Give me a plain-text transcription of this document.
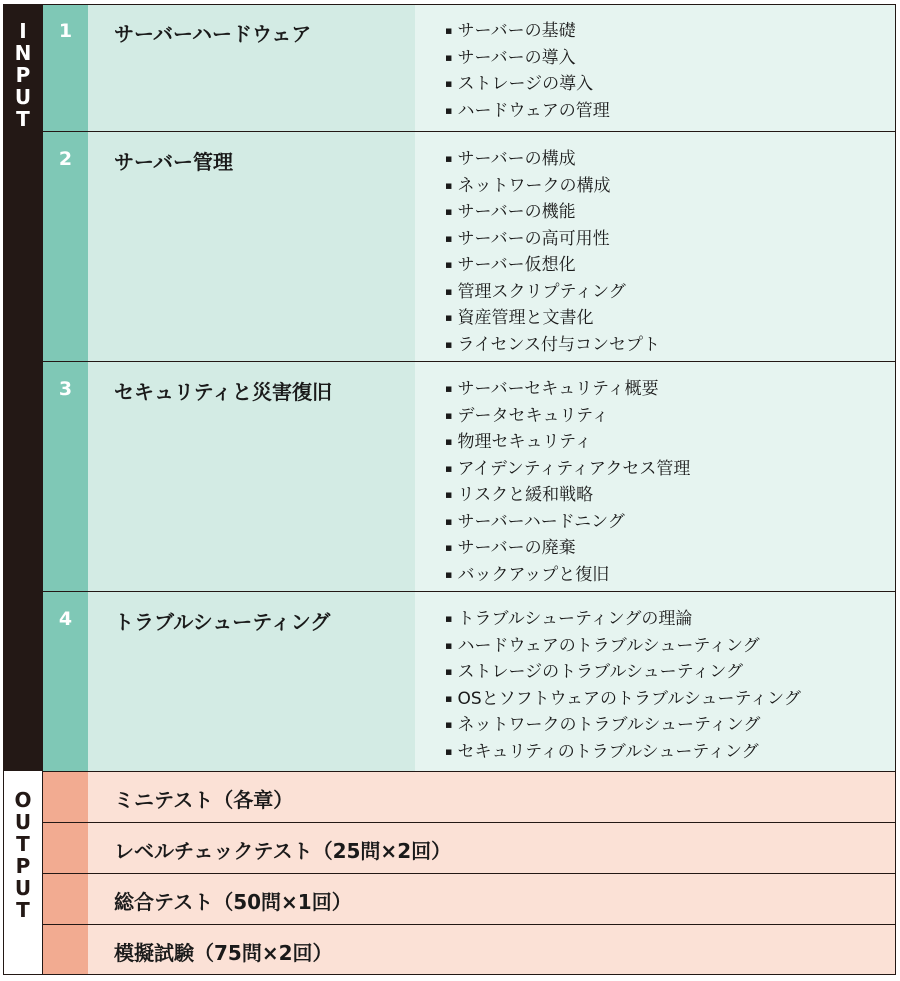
I
N
P
U
T
O
U
T
P
U
T
1	サーバーハードウェア	▪ サーバーの基礎
▪ サーバーの導入
▪ ストレージの導入
▪ ハードウェアの管理
2	サーバー管理	▪ サーバーの構成
▪ ネットワークの構成
▪ サーバーの機能
▪ サーバーの高可用性
▪ サーバー仮想化
▪ 管理スクリプティング
▪ 資産管理と文書化
▪ ライセンス付与コンセプト
3	セキュリティと災害復旧	▪ サーバーセキュリティ概要
▪ データセキュリティ
▪ 物理セキュリティ
▪ アイデンティティアクセス管理
▪ リスクと緩和戦略
▪ サーバーハードニング
▪ サーバーの廃棄
▪ バックアップと復旧
4	トラブルシューティング	▪ トラブルシューティングの理論
▪ ハードウェアのトラブルシューティング
▪ ストレージのトラブルシューティング
▪ OSとソフトウェアのトラブルシューティング
▪ ネットワークのトラブルシューティング
▪ セキュリティのトラブルシューティング
ミニテスト（各章）
レベルチェックテスト（25問×2回）
総合テスト（50問×1回）
模擬試験（75問×2回）
